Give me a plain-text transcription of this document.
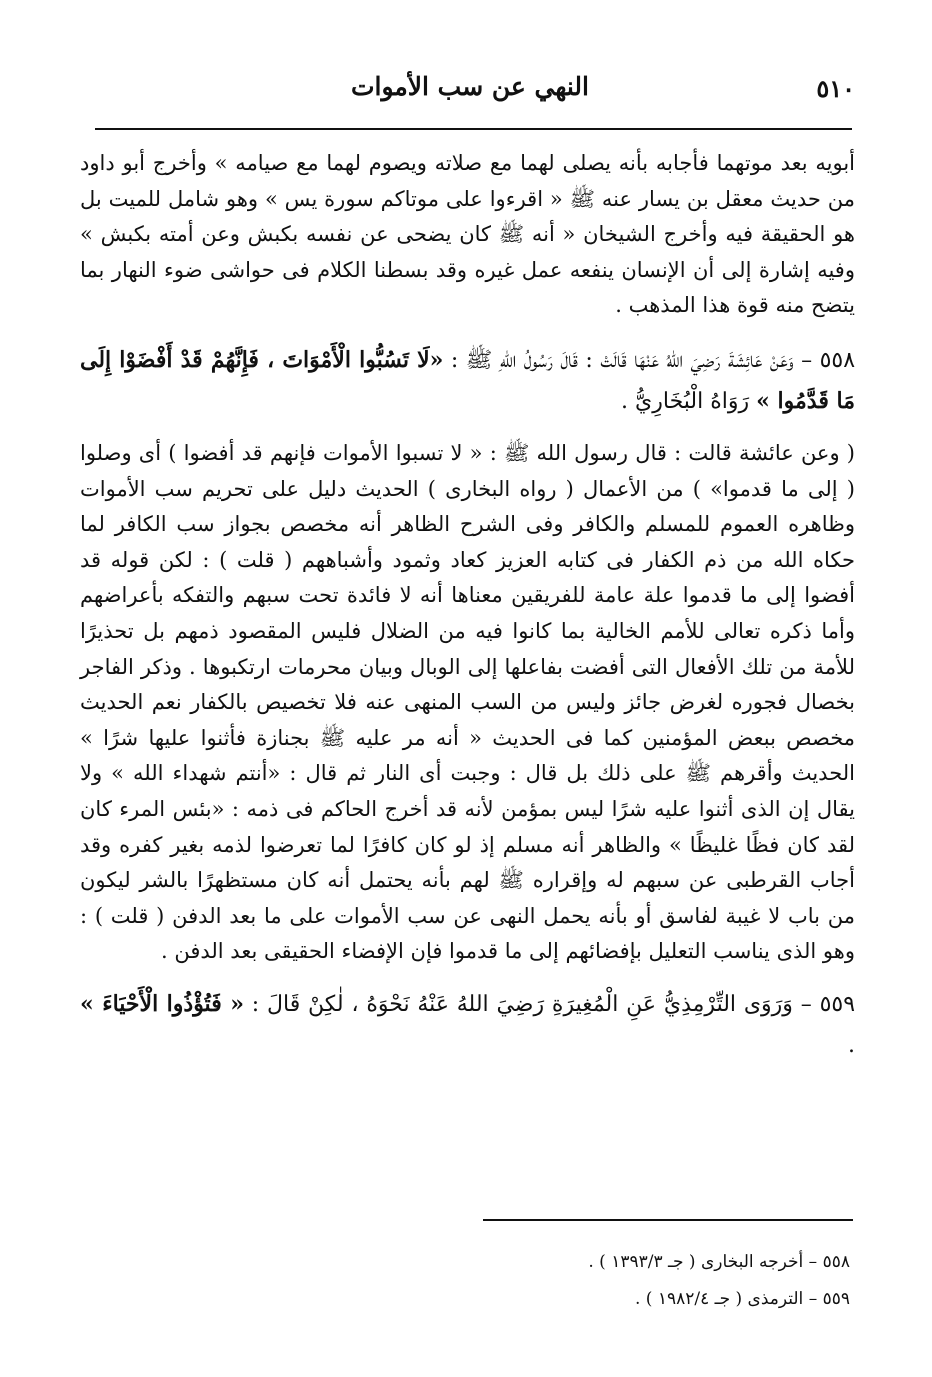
النهي عن سب الأموات	٥١٠

أبويه بعد موتهما فأجابه بأنه يصلى لهما مع صلاته ويصوم لهما مع صيامه » وأخرج أبو داود من حديث معقل بن يسار عنه ﷺ « اقرءوا على موتاكم سورة يس » وهو شامل للميت بل هو الحقيقة فيه وأخرج الشيخان « أنه ﷺ كان يضحى عن نفسه بكبش وعن أمته بكبش » وفيه إشارة إلى أن الإنسان ينفعه عمل غيره وقد بسطنا الكلام فى حواشى ضوء النهار بما يتضح منه قوة هذا المذهب .

٥٥٨ – وَعَنْ عَائِشَةَ رَضِيَ اللهُ عَنْهَا قَالَتْ : قَالَ رَسُولُ اللهِ ﷺ : «لَا تَسُبُّوا الْأَمْوَاتَ ، فَإِنَّهُمْ قَدْ أَفْضَوْا إِلَى مَا قَدَّمُوا » رَوَاهُ الْبُخَارِيُّ .

( وعن عائشة قالت : قال رسول الله ﷺ : « لا تسبوا الأموات فإنهم قد أفضوا ) أى وصلوا ( إلى ما قدموا» ) من الأعمال ( رواه البخارى ) الحديث دليل على تحريم سب الأموات وظاهره العموم للمسلم والكافر وفى الشرح الظاهر أنه مخصص بجواز سب الكافر لما حكاه الله من ذم الكفار فى كتابه العزيز كعاد وثمود وأشباههم ( قلت ) : لكن قوله قد أفضوا إلى ما قدموا علة عامة للفريقين معناها أنه لا فائدة تحت سبهم والتفكه بأعراضهم وأما ذكره تعالى للأمم الخالية بما كانوا فيه من الضلال فليس المقصود ذمهم بل تحذيرًا للأمة من تلك الأفعال التى أفضت بفاعلها إلى الوبال وبيان محرمات ارتكبوها . وذكر الفاجر بخصال فجوره لغرض جائز وليس من السب المنهى عنه فلا تخصيص بالكفار نعم الحديث مخصص ببعض المؤمنين كما فى الحديث « أنه مر عليه ﷺ بجنازة فأثنوا عليها شرًا » الحديث وأقرهم ﷺ على ذلك بل قال : وجبت أى النار ثم قال : «أنتم شهداء الله » ولا يقال إن الذى أثنوا عليه شرًا ليس بمؤمن لأنه قد أخرج الحاكم فى ذمه : «بئس المرء كان لقد كان فظًا غليظًا » والظاهر أنه مسلم إذ لو كان كافرًا لما تعرضوا لذمه بغير كفره وقد أجاب القرطبى عن سبهم له وإقراره ﷺ لهم بأنه يحتمل أنه كان مستظهرًا بالشر ليكون من باب لا غيبة لفاسق أو بأنه يحمل النهى عن سب الأموات على ما بعد الدفن ( قلت ) : وهو الذى يناسب التعليل بإفضائهم إلى ما قدموا فإن الإفضاء الحقيقى بعد الدفن .

٥٥٩ – وَرَوَى التِّرْمِذِيُّ عَنِ الْمُغِيرَةِ رَضِيَ اللهُ عَنْهُ نَحْوَهُ ، لٰكِنْ قَالَ : « فَتُؤْذُوا الْأَحْيَاءَ » .

٥٥٨ – أخرجه البخارى ( جـ ١٣٩٣/٣ ) .

٥٥٩ – الترمذى ( جـ ١٩٨٢/٤ ) .
